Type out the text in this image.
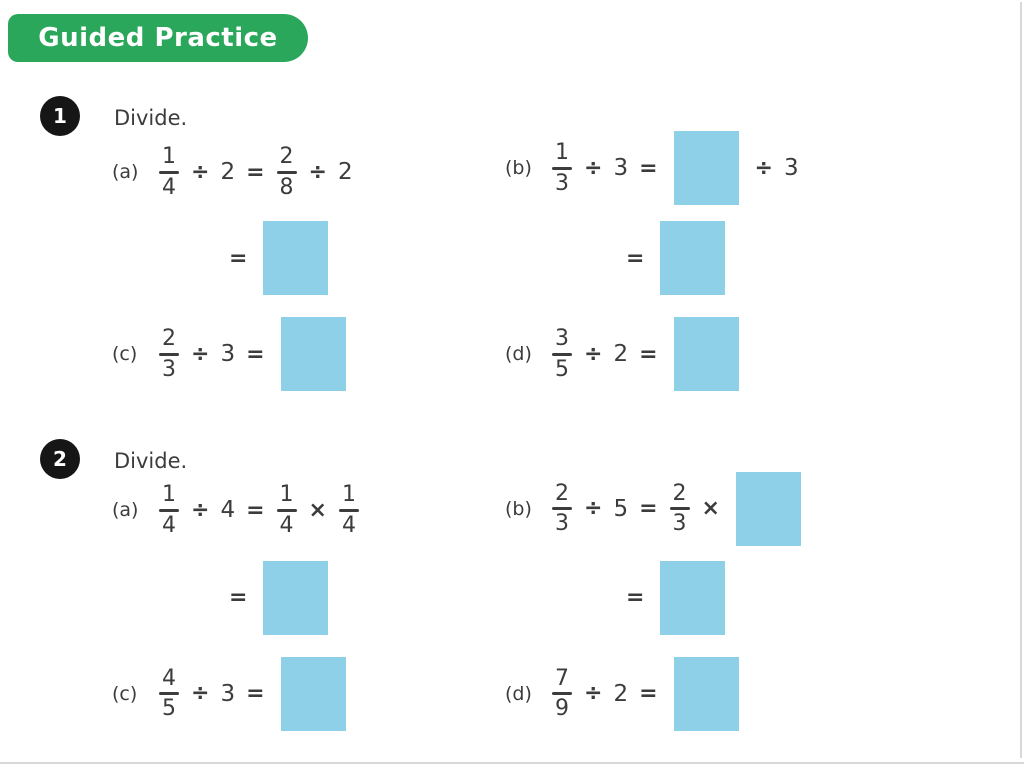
Guided Practice
1 Divide.
$(a) \frac{1}{4} \div 2 = \frac{2}{8} \div 2$	$(b) \frac{1}{3} \div 3$ =	÷ 3
=	=
$(c) \frac{2}{3} \div 3$ =	$(d) \frac{3}{5} \div 2$ =
2 Divide.
$(a) \frac{1}{4} \div 4 = \frac{1}{4} \times \frac{1}{4}$	$(b) \frac{2}{3} \div 5 = \frac{2}{3}$ ×
=	=
$(c) \frac{4}{5} \div 3$ =	$(d) \frac{7}{9} \div 2$ =
